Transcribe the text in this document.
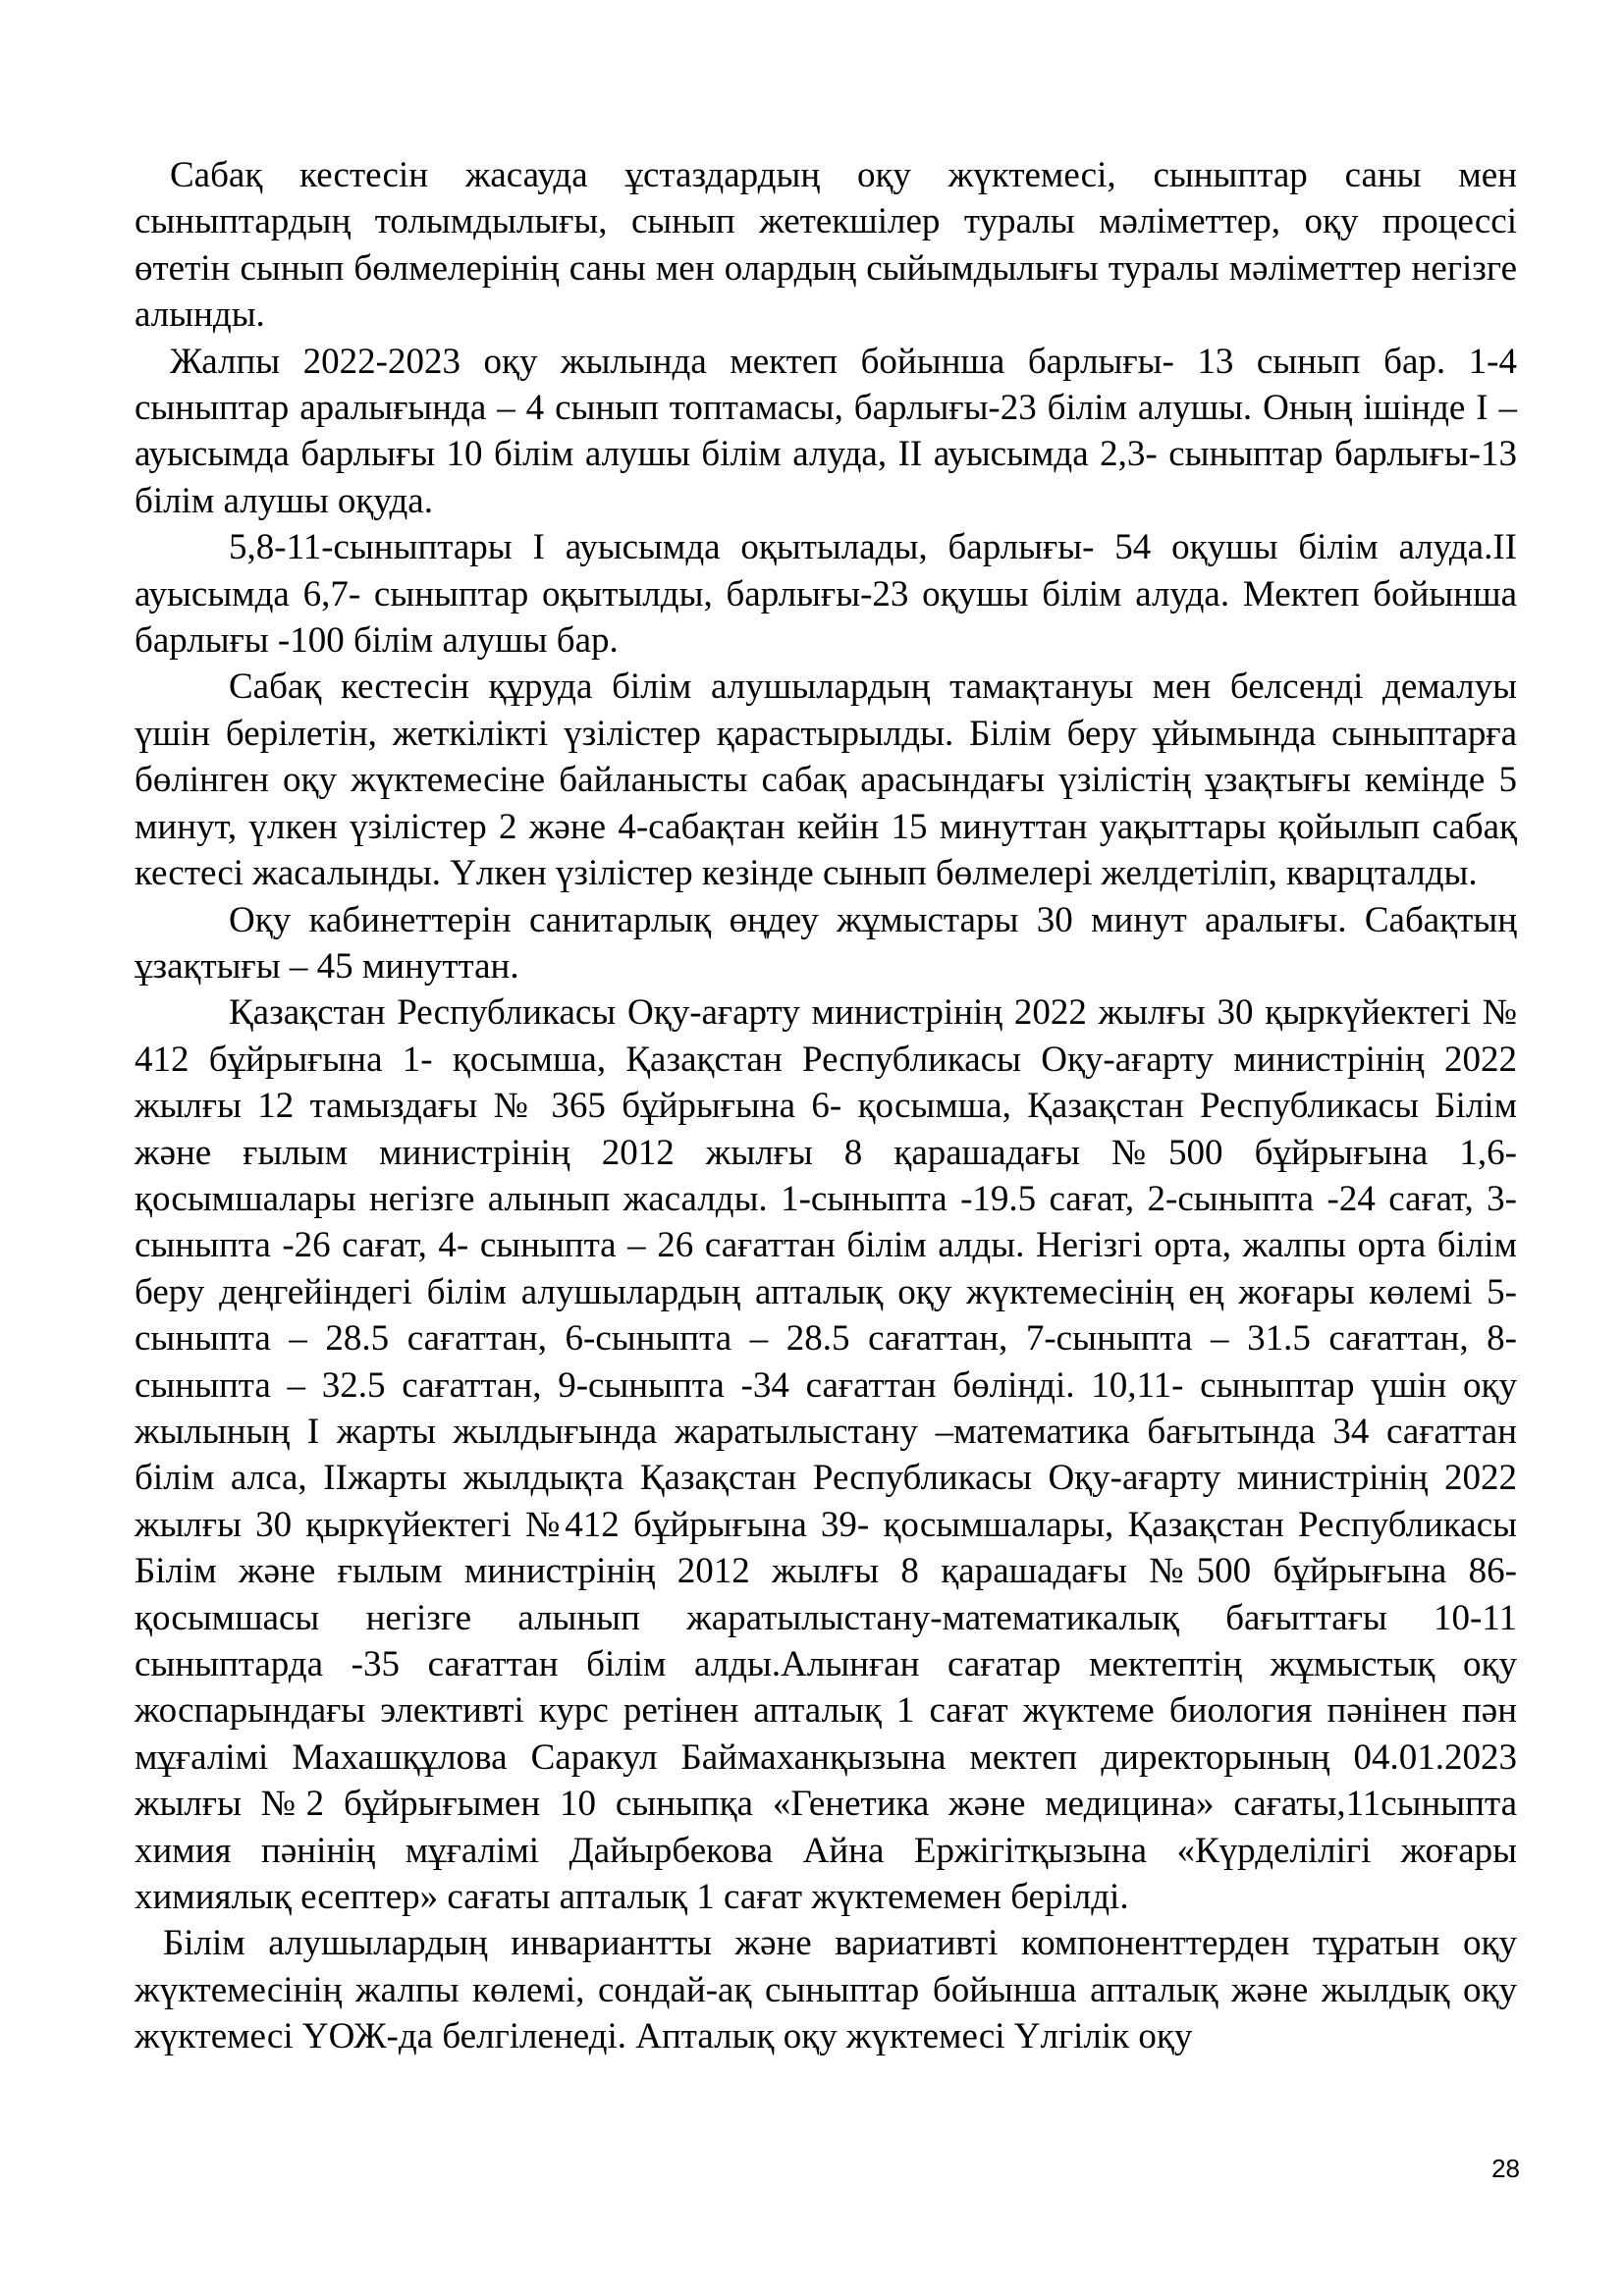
Сабақ кестесін жасауда ұстаздардың оқу жүктемесі, сыныптар саны мен сыныптардың толымдылығы, сынып жетекшілер туралы мәліметтер, оқу процессі өтетін сынып бөлмелерінің саны мен олардың сыйымдылығы туралы мәліметтер негізге алынды.

Жалпы 2022-2023 оқу жылында мектеп бойынша барлығы- 13 сынып бар. 1-4 сыныптар аралығында – 4 сынып топтамасы, барлығы-23 білім алушы. Оның ішінде I –ауысымда барлығы 10 білім алушы білім алуда, II ауысымда 2,3- сыныптар барлығы-13 білім алушы оқуда.

5,8-11-сыныптары I ауысымда оқытылады, барлығы- 54 оқушы білім алуда.II ауысымда 6,7- сыныптар оқытылды, барлығы-23 оқушы білім алуда. Мектеп бойынша барлығы -100 білім алушы бар.

Сабақ кестесін құруда білім алушылардың тамақтануы мен белсенді демалуы үшін берілетін, жеткілікті үзілістер қарастырылды. Білім беру ұйымында сыныптарға бөлінген оқу жүктемесіне байланысты сабақ арасындағы үзілістің ұзақтығы кемінде 5 минут, үлкен үзілістер 2 және 4-сабақтан кейін 15 минуттан уақыттары қойылып сабақ кестесі жасалынды. Үлкен үзілістер кезінде сынып бөлмелері желдетіліп, кварцталды.

Оқу кабинеттерін санитарлық өңдеу жұмыстары 30 минут аралығы. Сабақтың ұзақтығы – 45 минуттан.

Қазақстан Республикасы Оқу-ағарту министрінің 2022 жылғы 30 қыркүйектегі № 412 бұйрығына 1- қосымша, Қазақстан Республикасы Оқу-ағарту министрінің 2022 жылғы 12 тамыздағы № 365 бұйрығына 6- қосымша, Қазақстан Республикасы Білім және ғылым министрінің 2012 жылғы 8 қарашадағы №500 бұйрығына 1,6- қосымшалары негізге алынып жасалды. 1-сыныпта -19.5 сағат, 2-сыныпта -24 сағат, 3- сыныпта -26 сағат, 4- сыныпта – 26 сағаттан білім алды. Негізгі орта, жалпы орта білім беру деңгейіндегі білім алушылардың апталық оқу жүктемесінің ең жоғары көлемі 5-сыныпта – 28.5 сағаттан, 6-сыныпта – 28.5 сағаттан, 7-сыныпта – 31.5 сағаттан, 8-сыныпта – 32.5 сағаттан, 9-сыныпта -34 сағаттан бөлінді. 10,11- сыныптар үшін оқу жылының I жарты жылдығында жаратылыстану –математика бағытында 34 сағаттан білім алса, IIжарты жылдықта Қазақстан Республикасы Оқу-ағарту министрінің 2022 жылғы 30 қыркүйектегі №412 бұйрығына 39- қосымшалары, Қазақстан Республикасы Білім және ғылым министрінің 2012 жылғы 8 қарашадағы №500 бұйрығына 86- қосымшасы негізге алынып жаратылыстану-математикалық бағыттағы 10-11 сыныптарда -35 сағаттан білім алды.Алынған сағатар мектептің жұмыстық оқу жоспарындағы элективті курс ретінен апталық 1 сағат жүктеме биология пәнінен пән мұғалімі Махашқұлова Саракул Баймаханқызына мектеп директорының 04.01.2023 жылғы №2 бұйрығымен 10 сыныпқа «Генетика және медицина» сағаты,11сыныпта химия пәнінің мұғалімі Дайырбекова Айна Ержігітқызына «Күрделілігі жоғары химиялық есептер» сағаты апталық 1 сағат жүктемемен берілді.

Білім алушылардың инвариантты және вариативті компоненттерден тұратын оқу жүктемесінің жалпы көлемі, сондай-ақ сыныптар бойынша апталық және жылдық оқу жүктемесі ҮОЖ-да белгіленеді. Апталық оқу жүктемесі Үлгілік оқу

28
